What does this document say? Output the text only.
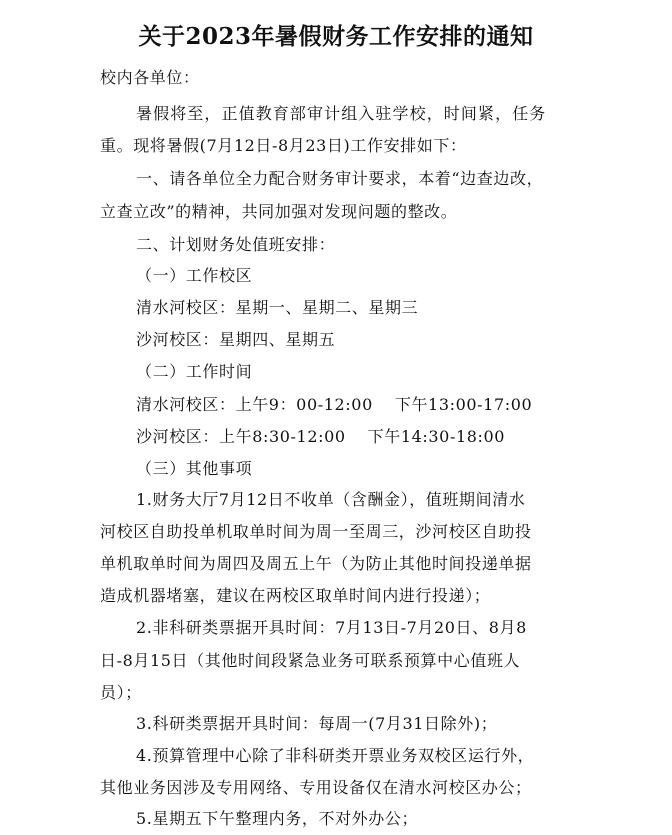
关于2023年暑假财务工作安排的通知
校内各单位：
暑假将至，正值教育部审计组入驻学校，时间紧，任务
重。现将暑假(7月12日-8月23日)工作安排如下：
一、请各单位全力配合财务审计要求，本着“边查边改，
立查立改”的精神，共同加强对发现问题的整改。
二、计划财务处值班安排：
（一）工作校区
清水河校区：星期一、星期二、星期三
沙河校区：星期四、星期五
（二）工作时间
清水河校区：上午9：00-12:00 下午13:00-17:00
沙河校区：上午8:30-12:00 下午14:30-18:00
（三）其他事项
1.财务大厅7月12日不收单（含酬金），值班期间清水
河校区自助投单机取单时间为周一至周三，沙河校区自助投
单机取单时间为周四及周五上午（为防止其他时间投递单据
造成机器堵塞，建议在两校区取单时间内进行投递）；
2.非科研类票据开具时间：7月13日-7月20日、8月8
日-8月15日（其他时间段紧急业务可联系预算中心值班人
员）；
3.科研类票据开具时间：每周一(7月31日除外)；
4.预算管理中心除了非科研类开票业务双校区运行外，
其他业务因涉及专用网络、专用设备仅在清水河校区办公；
5.星期五下午整理内务，不对外办公；
